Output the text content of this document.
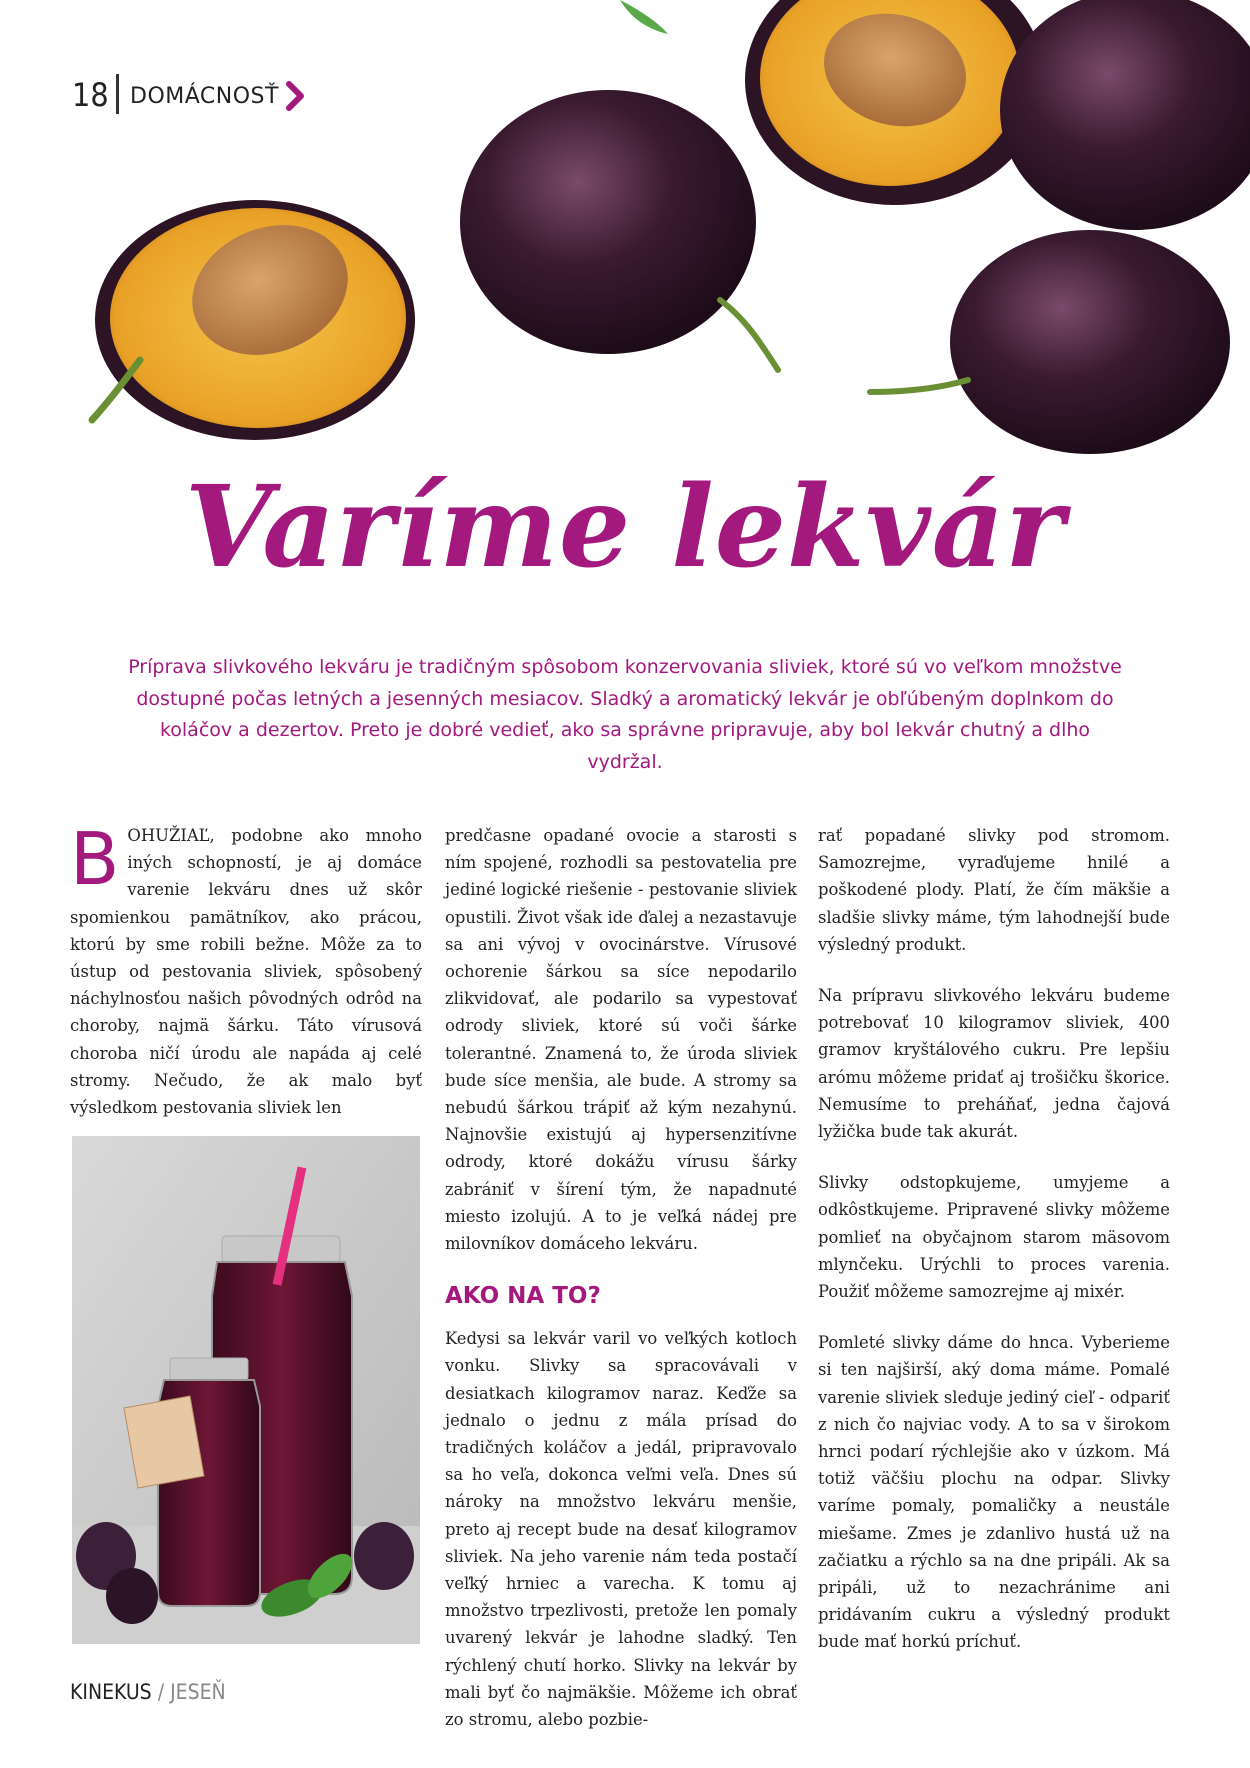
18 DOMÁCNOSŤ
Varíme lekvár
Príprava slivkového lekváru je tradičným spôsobom konzervovania sliviek, ktoré sú vo veľkom množstve dostupné počas letných a jesenných mesiacov. Sladký a aromatický lekvár je obľúbeným doplnkom do koláčov a dezertov. Preto je dobré vedieť, ako sa správne pripravuje, aby bol lekvár chutný a dlho vydržal.

BOHUŽIAĽ, podobne ako mnoho iných schopností, je aj domáce varenie lekváru dnes už skôr spomienkou pamätníkov, ako prácou, ktorú by sme robili bežne. Môže za to ústup od pestovania sliviek, spôsobený náchylnosťou našich pôvodných odrôd na choroby, najmä šárku. Táto vírusová choroba ničí úrodu ale napáda aj celé stromy. Nečudo, že ak malo byť výsledkom pestovania sliviek len

predčasne opadané ovocie a starosti s ním spojené, rozhodli sa pestovatelia pre jediné logické riešenie - pestovanie sliviek opustili. Život však ide ďalej a nezastavuje sa ani vývoj v ovocinárstve. Vírusové ochorenie šárkou sa síce nepodarilo zlikvidovať, ale podarilo sa vypestovať odrody sliviek, ktoré sú voči šárke tolerantné. Znamená to, že úroda sliviek bude síce menšia, ale bude. A stromy sa nebudú šárkou trápiť až kým nezahynú. Najnovšie existujú aj hypersenzitívne odrody, ktoré dokážu vírusu šárky zabrániť v šírení tým, že napadnuté miesto izolujú. A to je veľká nádej pre milovníkov domáceho lekváru.

AKO NA TO?

Kedysi sa lekvár varil vo veľkých kotloch vonku. Slivky sa spracovávali v desiatkach kilogramov naraz. Keďže sa jednalo o jednu z mála prísad do tradičných koláčov a jedál, pripravovalo sa ho veľa, dokonca veľmi veľa. Dnes sú nároky na množstvo lekváru menšie, preto aj recept bude na desať kilogramov sliviek. Na jeho varenie nám teda postačí veľký hrniec a varecha. K tomu aj množstvo trpezlivosti, pretože len pomaly uvarený lekvár je lahodne sladký. Ten rýchlený chutí horko. Slivky na lekvár by mali byť čo najmäkšie. Môžeme ich obrať zo stromu, alebo pozbie-

rať popadané slivky pod stromom. Samozrejme, vyraďujeme hnilé a poškodené plody. Platí, že čím mäkšie a sladšie slivky máme, tým lahodnejší bude výsledný produkt.

Na prípravu slivkového lekváru budeme potrebovať 10 kilogramov sliviek, 400 gramov kryštálového cukru. Pre lepšiu arómu môžeme pridať aj trošičku škorice. Nemusíme to preháňať, jedna čajová lyžička bude tak akurát.

Slivky odstopkujeme, umyjeme a odkôstkujeme. Pripravené slivky môžeme pomlieť na obyčajnom starom mäsovom mlynčeku. Urýchli to proces varenia. Použiť môžeme samozrejme aj mixér.

Pomleté slivky dáme do hnca. Vyberieme si ten najširší, aký doma máme. Pomalé varenie sliviek sleduje jediný cieľ - odpariť z nich čo najviac vody. A to sa v širokom hrnci podarí rýchlejšie ako v úzkom. Má totiž väčšiu plochu na odpar. Slivky varíme pomaly, pomaličky a neustále miešame. Zmes je zdanlivo hustá už na začiatku a rýchlo sa na dne pripáli. Ak sa pripáli, už to nezachránime ani pridávaním cukru a výsledný produkt bude mať horkú príchuť.

KINEKUS / JESEŇ
